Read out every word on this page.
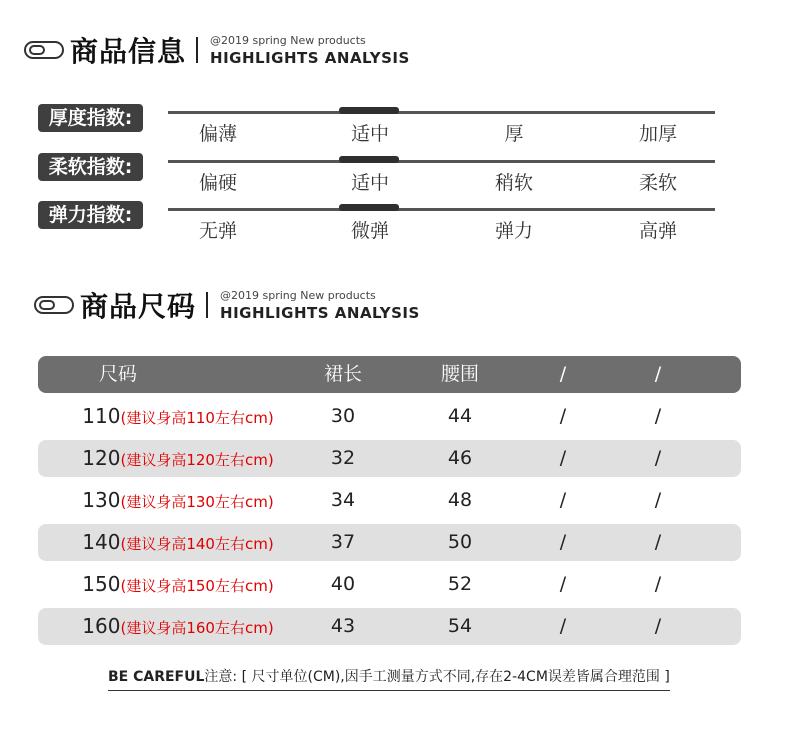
商品信息 @2019 spring New products
HIGHLIGHTS ANALYSIS
厚度指数:
偏薄	适中	厚	加厚
柔软指数:
偏硬	适中	稍软	柔软
弹力指数:
无弹	微弹	弹力	高弹
商品尺码 @2019 spring New products
HIGHLIGHTS ANALYSIS
尺码	裙长	腰围	/	/
110(建议身高110左右cm)	30	44	/	/
120(建议身高120左右cm)	32	46	/	/
130(建议身高130左右cm)	34	48	/	/
140(建议身高140左右cm)	37	50	/	/
150(建议身高150左右cm)	40	52	/	/
160(建议身高160左右cm)	43	54	/	/
BE CAREFUL注意: [ 尺寸单位(CM),因手工测量方式不同,存在2-4CM误差皆属合理范围 ]
